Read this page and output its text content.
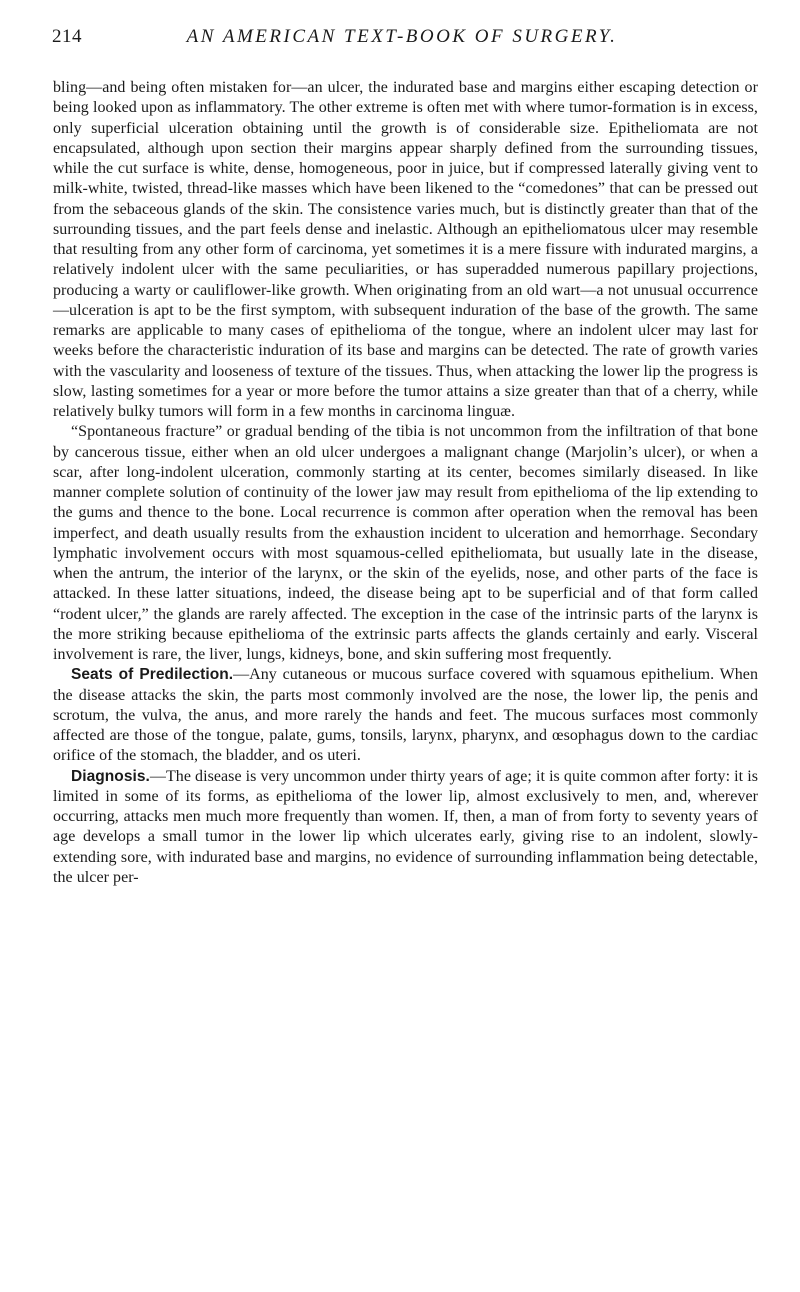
214	AN AMERICAN TEXT-BOOK OF SURGERY.

bling—and being often mistaken for—an ulcer, the indurated base and margins either escaping detection or being looked upon as inflammatory. The other extreme is often met with where tumor-formation is in excess, only superficial ulceration obtaining until the growth is of considerable size. Epitheliomata are not encapsulated, although upon section their margins appear sharply defined from the surrounding tissues, while the cut surface is white, dense, homogeneous, poor in juice, but if compressed laterally giving vent to milk-white, twisted, thread-like masses which have been likened to the “comedones” that can be pressed out from the sebaceous glands of the skin. The consistence varies much, but is distinctly greater than that of the surrounding tissues, and the part feels dense and inelastic. Although an epitheliomatous ulcer may resemble that resulting from any other form of carcinoma, yet sometimes it is a mere fissure with indurated margins, a relatively indolent ulcer with the same peculiarities, or has superadded numerous papillary projections, producing a warty or cauliflower-like growth. When originating from an old wart—a not unusual occurrence—ulceration is apt to be the first symptom, with subsequent induration of the base of the growth. The same remarks are applicable to many cases of epithelioma of the tongue, where an indolent ulcer may last for weeks before the characteristic induration of its base and margins can be detected. The rate of growth varies with the vascularity and looseness of texture of the tissues. Thus, when attacking the lower lip the progress is slow, lasting sometimes for a year or more before the tumor attains a size greater than that of a cherry, while relatively bulky tumors will form in a few months in carcinoma linguæ.

“Spontaneous fracture” or gradual bending of the tibia is not uncommon from the infiltration of that bone by cancerous tissue, either when an old ulcer undergoes a malignant change (Marjolin’s ulcer), or when a scar, after long-indolent ulceration, commonly starting at its center, becomes similarly diseased. In like manner complete solution of continuity of the lower jaw may result from epithelioma of the lip extending to the gums and thence to the bone. Local recurrence is common after operation when the removal has been imperfect, and death usually results from the exhaustion incident to ulceration and hemorrhage. Secondary lymphatic involvement occurs with most squamous-celled epitheliomata, but usually late in the disease, when the antrum, the interior of the larynx, or the skin of the eyelids, nose, and other parts of the face is attacked. In these latter situations, indeed, the disease being apt to be superficial and of that form called “rodent ulcer,” the glands are rarely affected. The exception in the case of the intrinsic parts of the larynx is the more striking because epithelioma of the extrinsic parts affects the glands certainly and early. Visceral involvement is rare, the liver, lungs, kidneys, bone, and skin suffering most frequently.

Seats of Predilection.—Any cutaneous or mucous surface covered with squamous epithelium. When the disease attacks the skin, the parts most commonly involved are the nose, the lower lip, the penis and scrotum, the vulva, the anus, and more rarely the hands and feet. The mucous surfaces most commonly affected are those of the tongue, palate, gums, tonsils, larynx, pharynx, and œsophagus down to the cardiac orifice of the stomach, the bladder, and os uteri.

Diagnosis.—The disease is very uncommon under thirty years of age; it is quite common after forty: it is limited in some of its forms, as epithelioma of the lower lip, almost exclusively to men, and, wherever occurring, attacks men much more frequently than women. If, then, a man of from forty to seventy years of age develops a small tumor in the lower lip which ulcerates early, giving rise to an indolent, slowly-extending sore, with indurated base and margins, no evidence of surrounding inflammation being detectable, the ulcer per-
